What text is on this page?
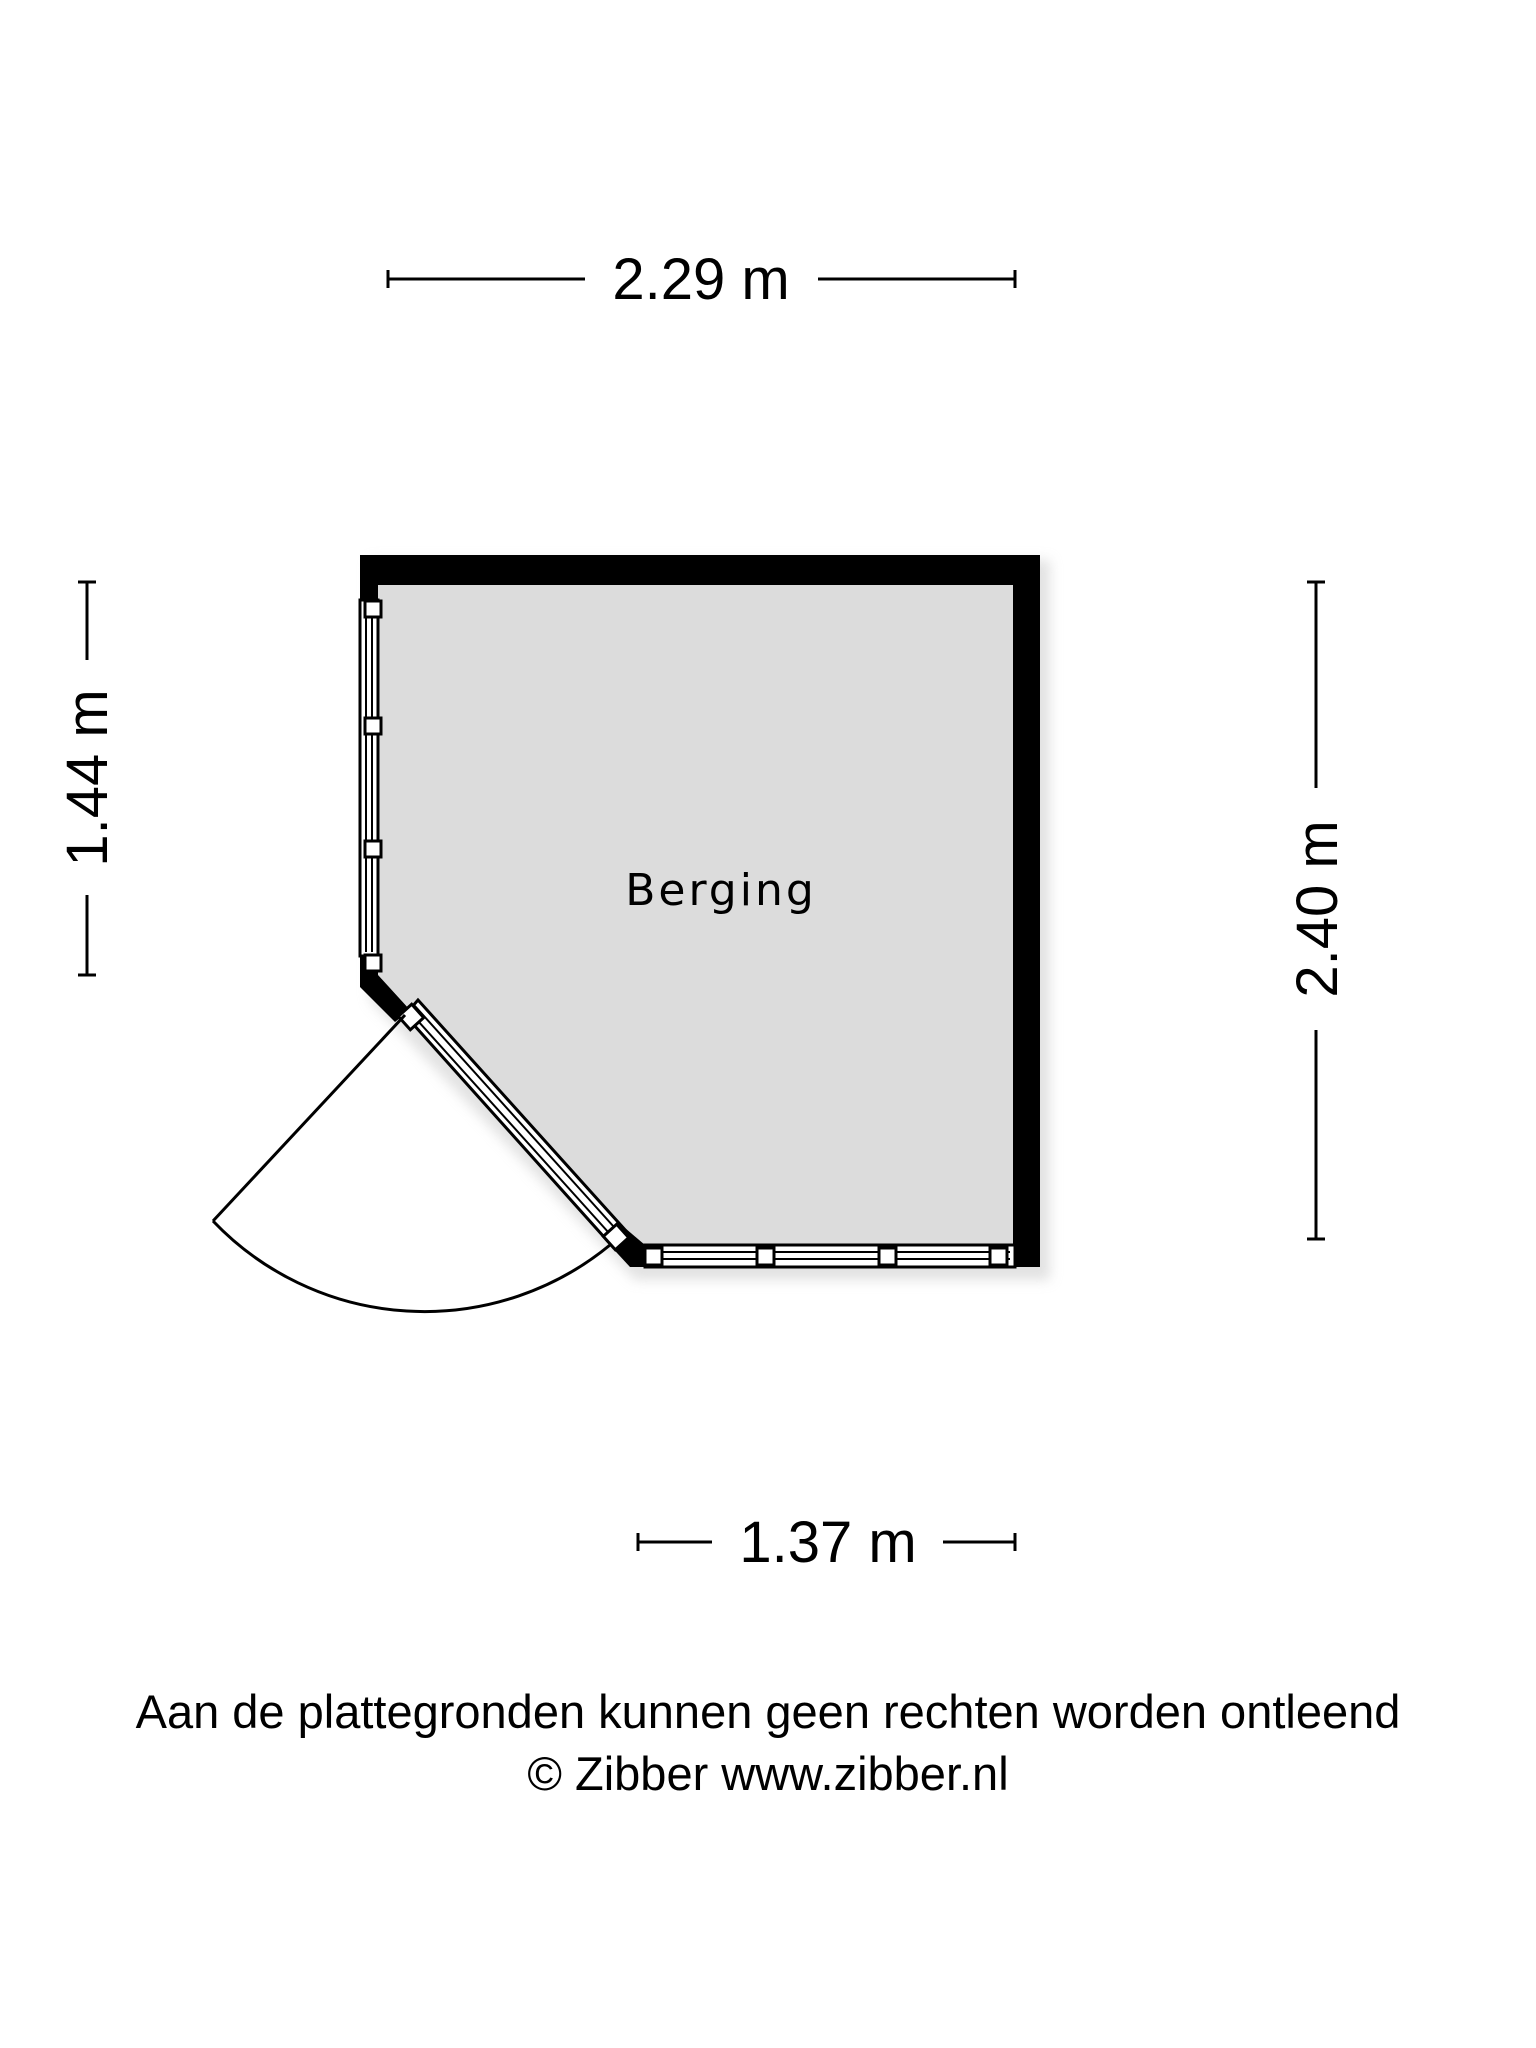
Berging
2.29 m
1.37 m
1.44 m
2.40 m
Aan de plattegronden kunnen geen rechten worden ontleend
© Zibber www.zibber.nl
